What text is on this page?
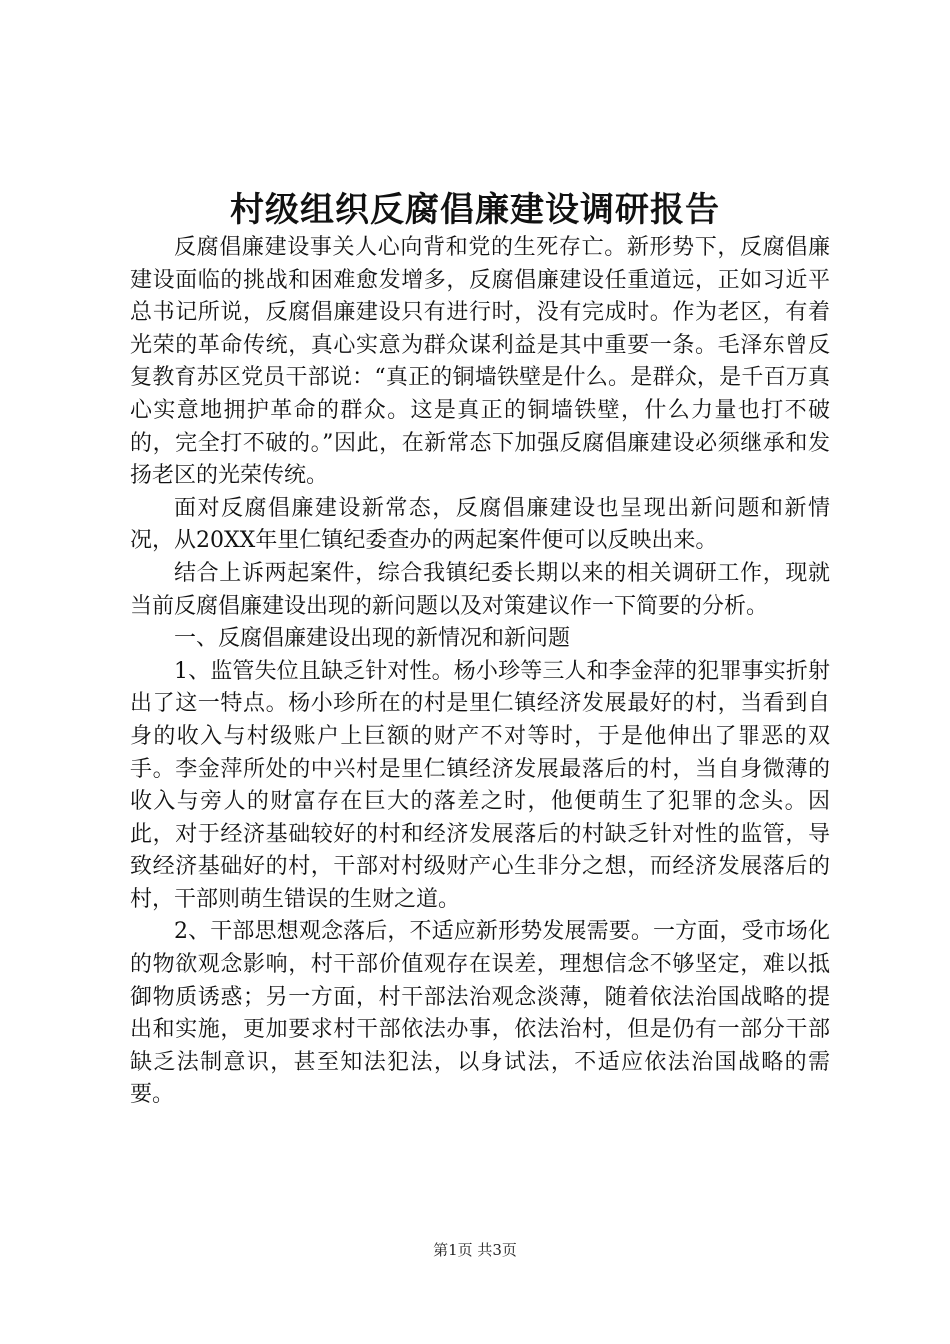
村级组织反腐倡廉建设调研报告

反腐倡廉建设事关人心向背和党的生死存亡。新形势下，反腐倡廉建设面临的挑战和困难愈发增多，反腐倡廉建设任重道远，正如习近平总书记所说，反腐倡廉建设只有进行时，没有完成时。作为老区，有着光荣的革命传统，真心实意为群众谋利益是其中重要一条。毛泽东曾反复教育苏区党员干部说：“真正的铜墙铁壁是什么。是群众，是千百万真心实意地拥护革命的群众。这是真正的铜墙铁壁，什么力量也打不破的，完全打不破的。”因此，在新常态下加强反腐倡廉建设必须继承和发扬老区的光荣传统。

面对反腐倡廉建设新常态，反腐倡廉建设也呈现出新问题和新情况，从20XX年里仁镇纪委查办的两起案件便可以反映出来。

结合上诉两起案件，综合我镇纪委长期以来的相关调研工作，现就当前反腐倡廉建设出现的新问题以及对策建议作一下简要的分析。

一、反腐倡廉建设出现的新情况和新问题

1、监管失位且缺乏针对性。杨小珍等三人和李金萍的犯罪事实折射出了这一特点。杨小珍所在的村是里仁镇经济发展最好的村，当看到自身的收入与村级账户上巨额的财产不对等时，于是他伸出了罪恶的双手。李金萍所处的中兴村是里仁镇经济发展最落后的村，当自身微薄的收入与旁人的财富存在巨大的落差之时，他便萌生了犯罪的念头。因此，对于经济基础较好的村和经济发展落后的村缺乏针对性的监管，导致经济基础好的村，干部对村级财产心生非分之想，而经济发展落后的村，干部则萌生错误的生财之道。

2、干部思想观念落后，不适应新形势发展需要。一方面，受市场化的物欲观念影响，村干部价值观存在误差，理想信念不够坚定，难以抵御物质诱惑；另一方面，村干部法治观念淡薄，随着依法治国战略的提出和实施，更加要求村干部依法办事，依法治村，但是仍有一部分干部缺乏法制意识，甚至知法犯法，以身试法，不适应依法治国战略的需要。

第1页 共3页
